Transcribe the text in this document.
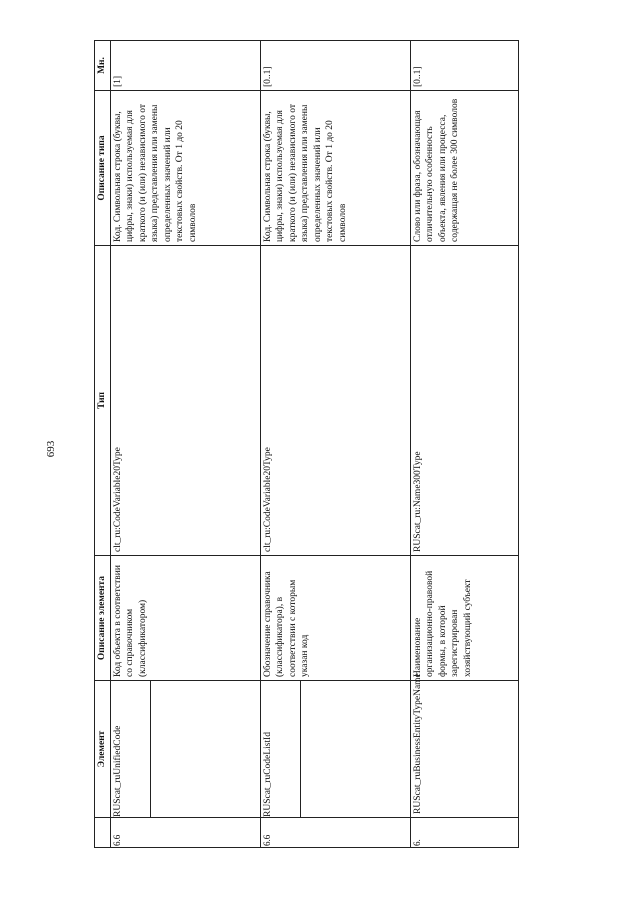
693
	Элемент	Описание элемента	Тип	Описание типа	Мн.
6.6	RUScat_ruUnifiedCode	Код объекта в соответствии со справочником (классификатором)	clt_ru:CodeVariable20Type	Код. Символьная строка (буквы, цифры, знаки) используемая для краткого (и (или) независимого от языка) представления или замены определенных значений или текстовых свойств. От 1 до 20 символов	[1]
6.6	RUScat_ruCodeListId	Обозначение справочника (классификатора), в соответствии с которым указан код	clt_ru:CodeVariable20Type	Код. Символьная строка (буквы, цифры, знаки) используемая для краткого (и (или) независимого от языка) представления или замены определенных значений или текстовых свойств. От 1 до 20 символов	[0..1]
6.	RUScat_ruBusinessEntityTypeName	Наименование организационно-правовой формы, в которой зарегистрирован хозяйствующий субъект	RUScat_ru:Name300Type	Слово или фраза, обозначающая отличительную особенность объекта, явления или процесса, содержащая не более 300 символов	[0..1]
